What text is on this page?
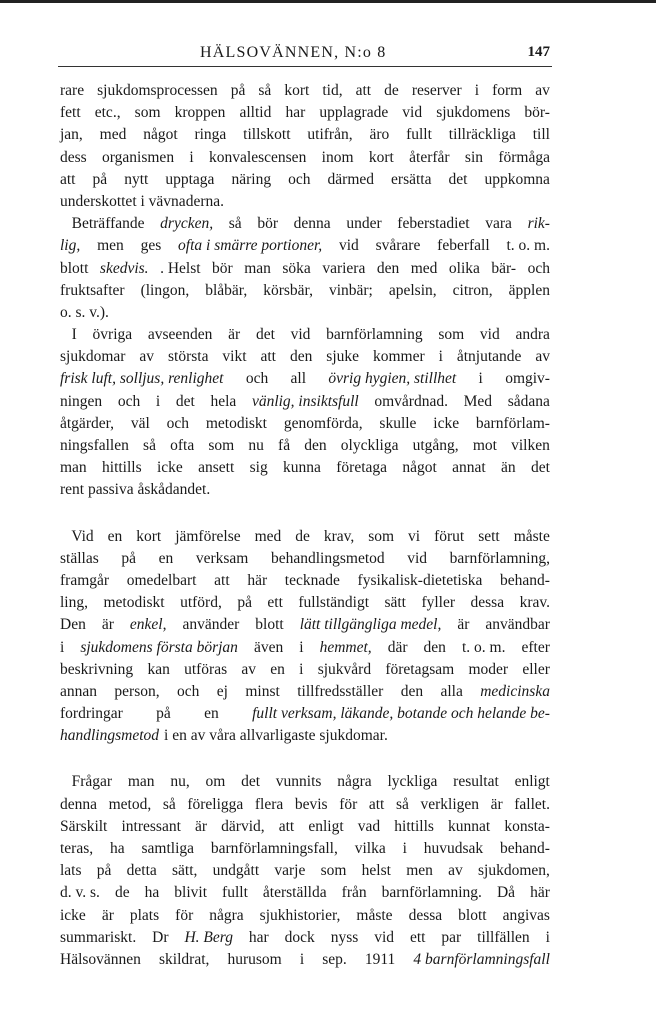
HÄLSOVÄNNEN, N:o 8	147
rare sjukdomsprocessen på så kort tid, att de reserver i form av
fett etc., som kroppen alltid har upplagrade vid sjukdomens bör-
jan, med något ringa tillskott utifrån, äro fullt tillräckliga till
dess organismen i konvalescensen inom kort återfår sin förmåga
att på nytt upptaga näring och därmed ersätta det uppkomna
underskottet i vävnaderna.
Beträffande drycken, så bör denna under feberstadiet vara rik-
lig, men ges ofta i smärre portioner, vid svårare feberfall t. o. m.
blott skedvis. . Helst bör man söka variera den med olika bär- och
fruktsafter (lingon, blåbär, körsbär, vinbär; apelsin, citron, äpplen
o. s. v.).
I övriga avseenden är det vid barnförlamning som vid andra
sjukdomar av största vikt att den sjuke kommer i åtnjutande av
frisk luft, solljus, renlighet och all övrig hygien, stillhet i omgiv-
ningen och i det hela vänlig, insiktsfull omvårdnad. Med sådana
åtgärder, väl och metodiskt genomförda, skulle icke barnförlam-
ningsfallen så ofta som nu få den olyckliga utgång, mot vilken
man hittills icke ansett sig kunna företaga något annat än det
rent passiva åskådandet.
Vid en kort jämförelse med de krav, som vi förut sett måste
ställas på en verksam behandlingsmetod vid barnförlamning,
framgår omedelbart att här tecknade fysikalisk-dietetiska behand-
ling, metodiskt utförd, på ett fullständigt sätt fyller dessa krav.
Den är enkel, använder blott lätt tillgängliga medel, är användbar
i sjukdomens första början även i hemmet, där den t. o. m. efter
beskrivning kan utföras av en i sjukvård företagsam moder eller
annan person, och ej minst tillfredsställer den alla medicinska
fordringar på en fullt verksam, läkande, botande och helande be-
handlingsmetod i en av våra allvarligaste sjukdomar.
Frågar man nu, om det vunnits några lyckliga resultat enligt
denna metod, så föreligga flera bevis för att så verkligen är fallet.
Särskilt intressant är därvid, att enligt vad hittills kunnat konsta-
teras, ha samtliga barnförlamningsfall, vilka i huvudsak behand-
lats på detta sätt, undgått varje som helst men av sjukdomen,
d. v. s. de ha blivit fullt återställda från barnförlamning. Då här
icke är plats för några sjukhistorier, måste dessa blott angivas
summariskt. Dr H. Berg har dock nyss vid ett par tillfällen i
Hälsovännen skildrat, hurusom i sep. 1911 4 barnförlamningsfall
